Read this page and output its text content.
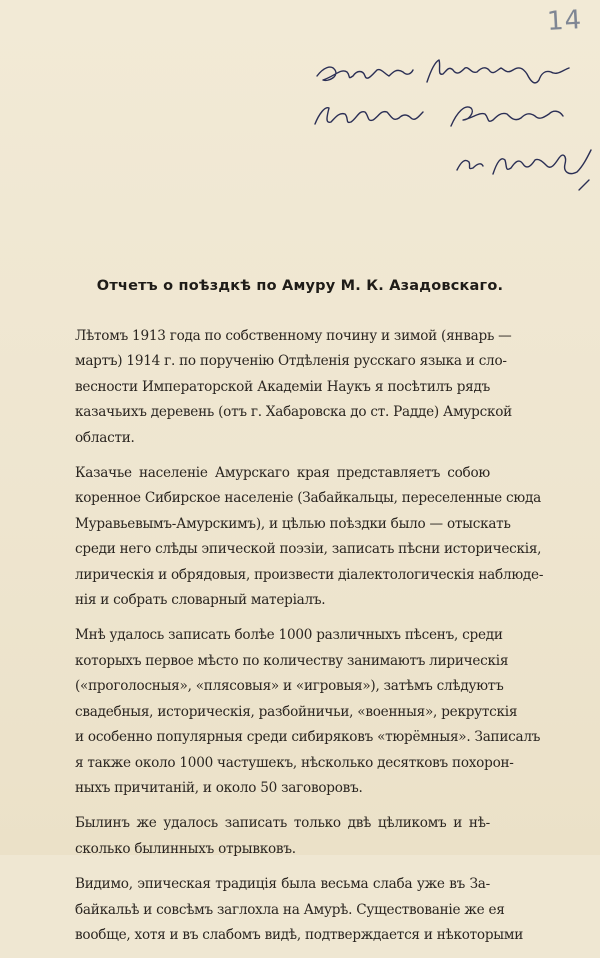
14
Отчетъ о поѣздкѣ по Амуру М. К. Азадовскаго.
Лѣтомъ 1913 года по собственному почину и зимой (январь —
мартъ) 1914 г. по порученію Отдѣленія русскаго языка и сло-
весности Императорской Академіи Наукъ я посѣтилъ рядъ
казачьихъ деревень (отъ г. Хабаровска до ст. Радде) Амурской
области.
Казачье населеніе Амурскаго края представляетъ собою
коренное Сибирское населеніе (Забайкальцы, переселенные сюда
Муравьевымъ-Амурскимъ), и цѣлью поѣздки было — отыскать
среди него слѣды эпической поэзіи, записать пѣсни историческія,
лирическія и обрядовыя, произвести діалектологическія наблюде-
нія и собрать словарный матеріалъ.
Мнѣ удалось записать болѣе 1000 различныхъ пѣсенъ, среди
которыхъ первое мѣсто по количеству занимаютъ лирическія
(«проголосныя», «плясовыя» и «игровыя»), затѣмъ слѣдуютъ
свадебныя, историческія, разбойничьи, «военныя», рекрутскія
и особенно популярныя среди сибиряковъ «тюрёмныя». Записалъ
я также около 1000 частушекъ, нѣсколько десятковъ похорон-
ныхъ причитаній, и около 50 заговоровъ.
Былинъ же удалось записать только двѣ цѣликомъ и нѣ-
сколько былинныхъ отрывковъ.
Видимо, эпическая традиція была весьма слаба уже въ За-
байкальѣ и совсѣмъ заглохла на Амурѣ. Существованіе же ея
вообще, хотя и въ слабомъ видѣ, подтверждается и нѣкоторыми
